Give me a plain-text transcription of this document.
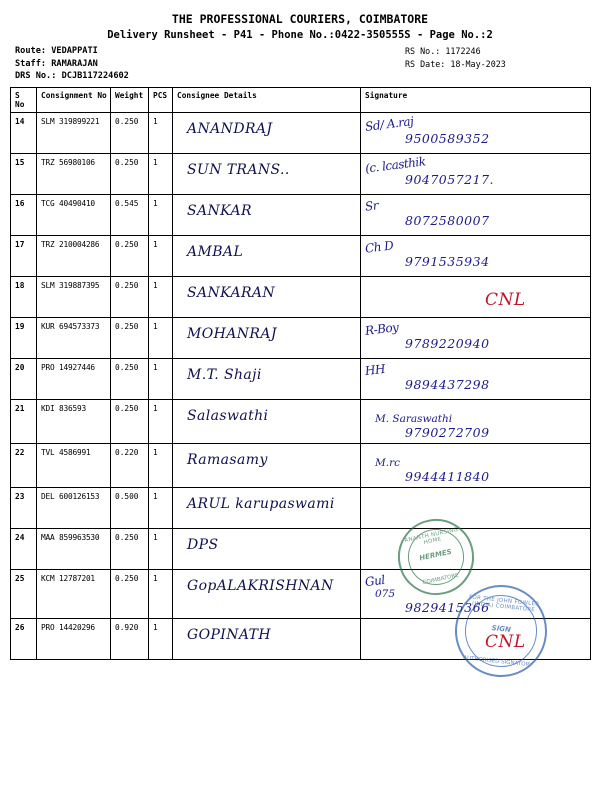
THE PROFESSIONAL COURIERS, COIMBATORE
Delivery Runsheet - P41 - Phone No.:0422-350555S - Page No.:2
Route: VEDAPPATI
Staff: RAMARAJAN
DRS No.: DCJB117224602
RS No.: 1172246
RS Date: 18-May-2023
S No	Consignment No	Weight	PCS	Consignee Details	Signature
14	SLM 319899221	0.250	1	ANANDRAJ	Sd/ A.raj
9500589352

15	TRZ 56980106	0.250	1	SUN TRANS..	(c. lcasthik
9047057217.

16	TCG 40490410	0.545	1	SANKAR	Sr
8072580007

17	TRZ 210004286	0.250	1	AMBAL	Ch D
9791535934

18	SLM 319887395	0.250	1	SANKARAN	CNL

19	KUR 694573373	0.250	1	MOHANRAJ	R-Boy
9789220940

20	PRO 14927446	0.250	1	M.T. Shaji	HH
9894437298

21	KDI 836593	0.250	1	Salaswathi	M. Saraswathi
9790272709

22	TVL 4586991	0.220	1	Ramasamy	M.rc
9944411840

23	DEL 600126153	0.500	1	ARUL karupaswami	

24	MAA 859963530	0.250	1	DPS	

25	KCM 12787201	0.250	1	GopALAKRISHNAN	Gul
075
9829415366

26	PRO 14420296	0.920	1	GOPINATH	CNL
ANANTH NURSING HOME
HERMES
COIMBATORE
FOR THE JOHN FOWLER (INDIA) COIMBATORE
SIGN
AUTHORISED SIGNATORY
